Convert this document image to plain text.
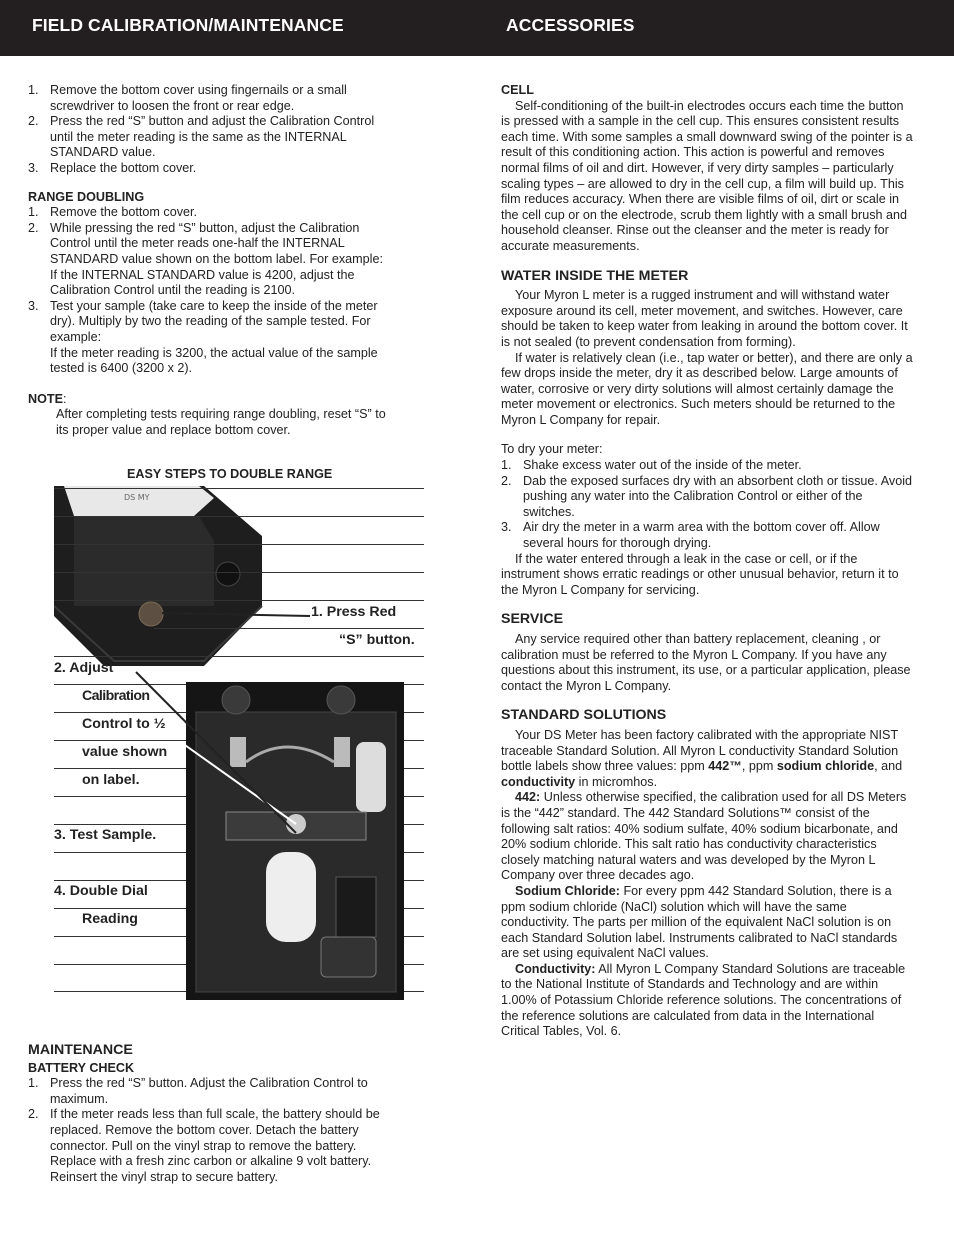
FIELD CALIBRATION/MAINTENANCE	ACCESSORIES
1. Remove the bottom cover using fingernails or a small screwdriver to loosen the front or rear edge.
2. Press the red “S” button and adjust the Calibration Control until the meter reading is the same as the INTERNAL STANDARD value.
3. Replace the bottom cover.
RANGE DOUBLING
1. Remove the bottom cover.
2. While pressing the red “S” button, adjust the Calibration Control until the meter reads one-half the INTERNAL STANDARD value shown on the bottom label. For example:
If the INTERNAL STANDARD value is 4200, adjust the Calibration Control until the reading is 2100.
3. Test your sample (take care to keep the inside of the meter dry). Multiply by two the reading of the sample tested. For example:
If the meter reading is 3200, the actual value of the sample tested is 6400 (3200 x 2).
NOTE:
After completing tests requiring range doubling, reset “S” to its proper value and replace bottom cover.
EASY STEPS TO DOUBLE RANGE
DS MY
1. Press Red
“S” button.
2. Adjust
Calibration
Control to ½
value shown
on label.
3. Test Sample.
4. Double Dial
Reading
MAINTENANCE
BATTERY CHECK
1. Press the red “S” button. Adjust the Calibration Control to maximum.
2. If the meter reads less than full scale, the battery should be replaced. Remove the bottom cover. Detach the battery connector. Pull on the vinyl strap to remove the battery. Replace with a fresh zinc carbon or alkaline 9 volt battery. Reinsert the vinyl strap to secure battery.
CELL

Self-conditioning of the built-in electrodes occurs each time the button is pressed with a sample in the cell cup. This ensures consistent results each time. With some samples a small downward swing of the pointer is a result of this conditioning action. This action is powerful and removes normal films of oil and dirt. However, if very dirty samples – particularly scaling types – are allowed to dry in the cell cup, a film will build up. This film reduces accuracy. When there are visible films of oil, dirt or scale in the cell cup or on the electrode, scrub them lightly with a small brush and household cleanser. Rinse out the cleanser and the meter is ready for accurate measurements.

WATER INSIDE THE METER

Your Myron L meter is a rugged instrument and will withstand water exposure around its cell, meter movement, and switches. However, care should be taken to keep water from leaking in around the bottom cover. It is not sealed (to prevent condensation from forming).

If water is relatively clean (i.e., tap water or better), and there are only a few drops inside the meter, dry it as described below. Large amounts of water, corrosive or very dirty solutions will almost certainly damage the meter movement or electronics. Such meters should be returned to the Myron L Company for repair.

To dry your meter:

1. Shake excess water out of the inside of the meter.
2. Dab the exposed surfaces dry with an absorbent cloth or tissue. Avoid pushing any water into the Calibration Control or either of the switches.
3. Air dry the meter in a warm area with the bottom cover off. Allow several hours for thorough drying.

If the water entered through a leak in the case or cell, or if the instrument shows erratic readings or other unusual behavior, return it to the Myron L Company for servicing.

SERVICE

Any service required other than battery replacement, cleaning , or calibration must be referred to the Myron L Company. If you have any questions about this instrument, its use, or a particular application, please contact the Myron L Company.

STANDARD SOLUTIONS

Your DS Meter has been factory calibrated with the appropriate NIST traceable Standard Solution. All Myron L conductivity Standard Solution bottle labels show three values: ppm 442™, ppm sodium chloride, and conductivity in micromhos.

442: Unless otherwise specified, the calibration used for all DS Meters is the “442” standard. The 442 Standard Solutions™ consist of the following salt ratios: 40% sodium sulfate, 40% sodium bicarbonate, and 20% sodium chloride. This salt ratio has conductivity characteristics closely matching natural waters and was developed by the Myron L Company over three decades ago.

Sodium Chloride: For every ppm 442 Standard Solution, there is a ppm sodium chloride (NaCl) solution which will have the same conductivity. The parts per million of the equivalent NaCl solution is on each Standard Solution label. Instruments calibrated to NaCl standards are set using equivalent NaCl values.

Conductivity: All Myron L Company Standard Solutions are traceable to the National Institute of Standards and Technology and are within 1.00% of Potassium Chloride reference solutions. The concentrations of the reference solutions are calculated from data in the International Critical Tables, Vol. 6.
